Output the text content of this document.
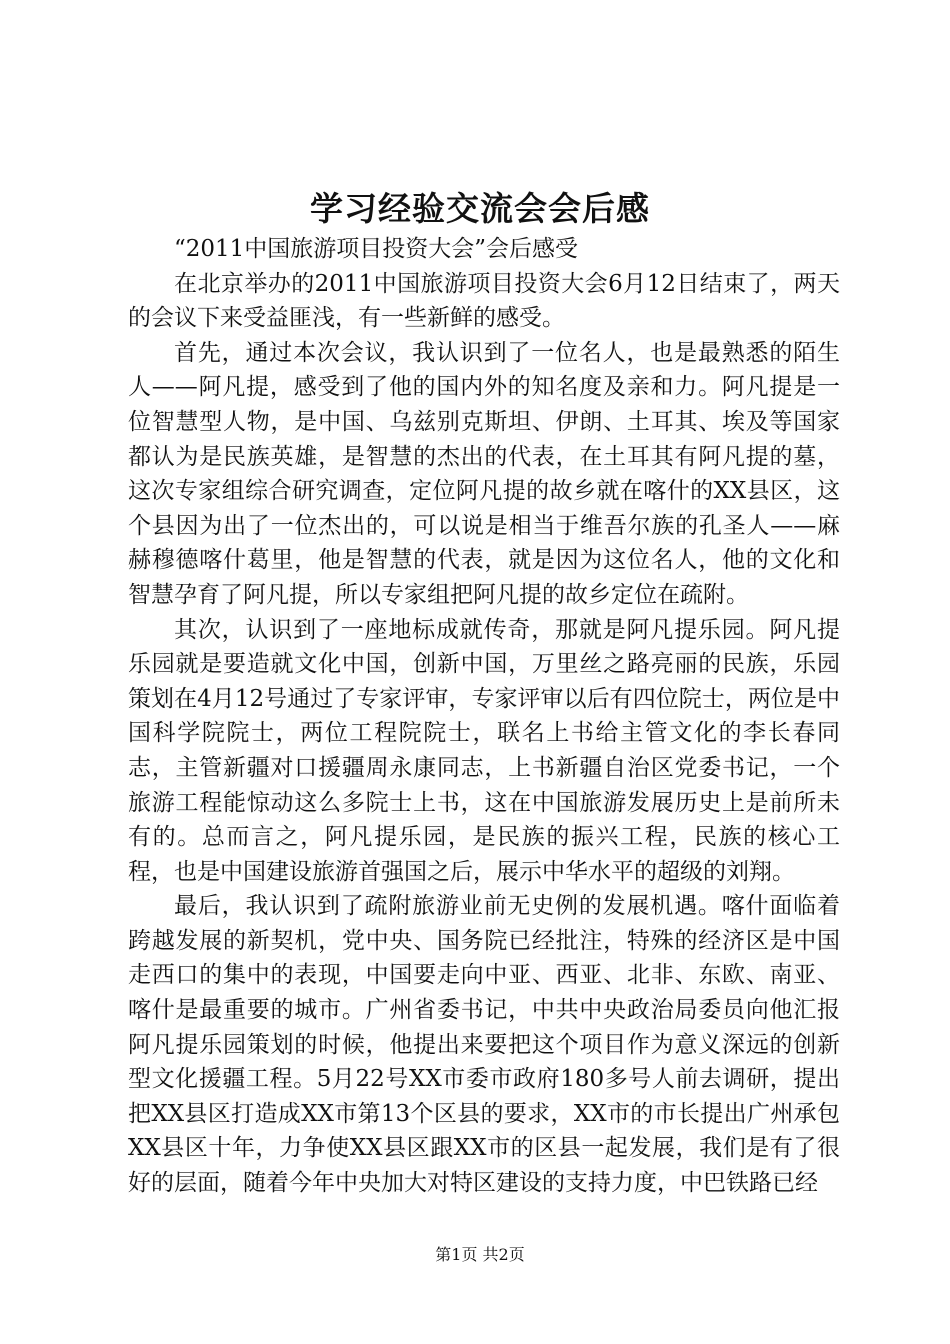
学习经验交流会会后感

“2011中国旅游项目投资大会”会后感受

在北京举办的2011中国旅游项目投资大会6月12日结束了，两天的会议下来受益匪浅，有一些新鲜的感受。

首先，通过本次会议，我认识到了一位名人，也是最熟悉的陌生人——阿凡提，感受到了他的国内外的知名度及亲和力。阿凡提是一位智慧型人物，是中国、乌兹别克斯坦、伊朗、土耳其、埃及等国家都认为是民族英雄，是智慧的杰出的代表，在土耳其有阿凡提的墓，这次专家组综合研究调查，定位阿凡提的故乡就在喀什的XX县区，这个县因为出了一位杰出的，可以说是相当于维吾尔族的孔圣人——麻赫穆德喀什葛里，他是智慧的代表，就是因为这位名人，他的文化和智慧孕育了阿凡提，所以专家组把阿凡提的故乡定位在疏附。

其次，认识到了一座地标成就传奇，那就是阿凡提乐园。阿凡提乐园就是要造就文化中国，创新中国，万里丝之路亮丽的民族，乐园策划在4月12号通过了专家评审，专家评审以后有四位院士，两位是中国科学院院士，两位工程院院士，联名上书给主管文化的李长春同志，主管新疆对口援疆周永康同志，上书新疆自治区党委书记，一个旅游工程能惊动这么多院士上书，这在中国旅游发展历史上是前所未有的。总而言之，阿凡提乐园，是民族的振兴工程，民族的核心工程，也是中国建设旅游首强国之后，展示中华水平的超级的刘翔。

最后，我认识到了疏附旅游业前无史例的发展机遇。喀什面临着跨越发展的新契机，党中央、国务院已经批注，特殊的经济区是中国走西口的集中的表现，中国要走向中亚、西亚、北非、东欧、南亚、喀什是最重要的城市。广州省委书记，中共中央政治局委员向他汇报阿凡提乐园策划的时候，他提出来要把这个项目作为意义深远的创新型文化援疆工程。5月22号XX市委市政府180多号人前去调研，提出把XX县区打造成XX市第13个区县的要求，XX市的市长提出广州承包XX县区十年，力争使XX县区跟XX市的区县一起发展，我们是有了很好的层面，随着今年中央加大对特区建设的支持力度，中巴铁路已经

第1页 共2页
